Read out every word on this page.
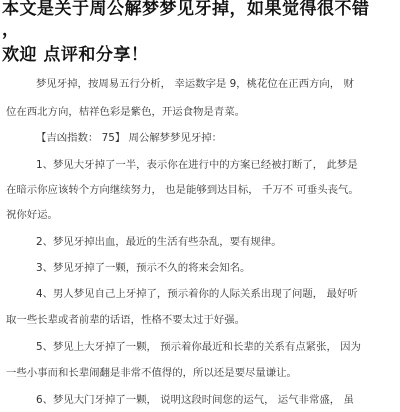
本文是关于周公解梦梦见牙掉，如果觉得很不错
，
欢迎 点评和分享！
梦见牙掉，按周易五行分析， 幸运数字是 9，桃花位在正西方向， 财
位在西北方向，桔祥色彩是紫色，开运食物是青菜。
【吉凶指数： 75】 周公解梦梦见牙掉：
1、梦见大牙掉了一半，表示你在进行中的方案已经被打断了， 此梦是
在暗示你应该转个方向继续努力， 也是能够到达目标， 千万不 可垂头丧气。
祝你好运。
2、梦见牙掉出血，最近的生活有些杂乱，要有规律。
3、梦见牙掉了一颗，预示不久的将来会知名。
4、男人梦见自己上牙掉了，预示着你的人际关系出现了问题， 最好听
取一些长辈或者前辈的话语，性格不要太过于好强。
5、梦见上大牙掉了一颗， 预示着你最近和长辈的关系有点紧张， 因为
一些小事而和长辈闹翻是非常不值得的，所以还是要尽量谦让。
6、梦见大门牙掉了一颗， 说明这段时间您的运气， 运气非常盛， 虽
